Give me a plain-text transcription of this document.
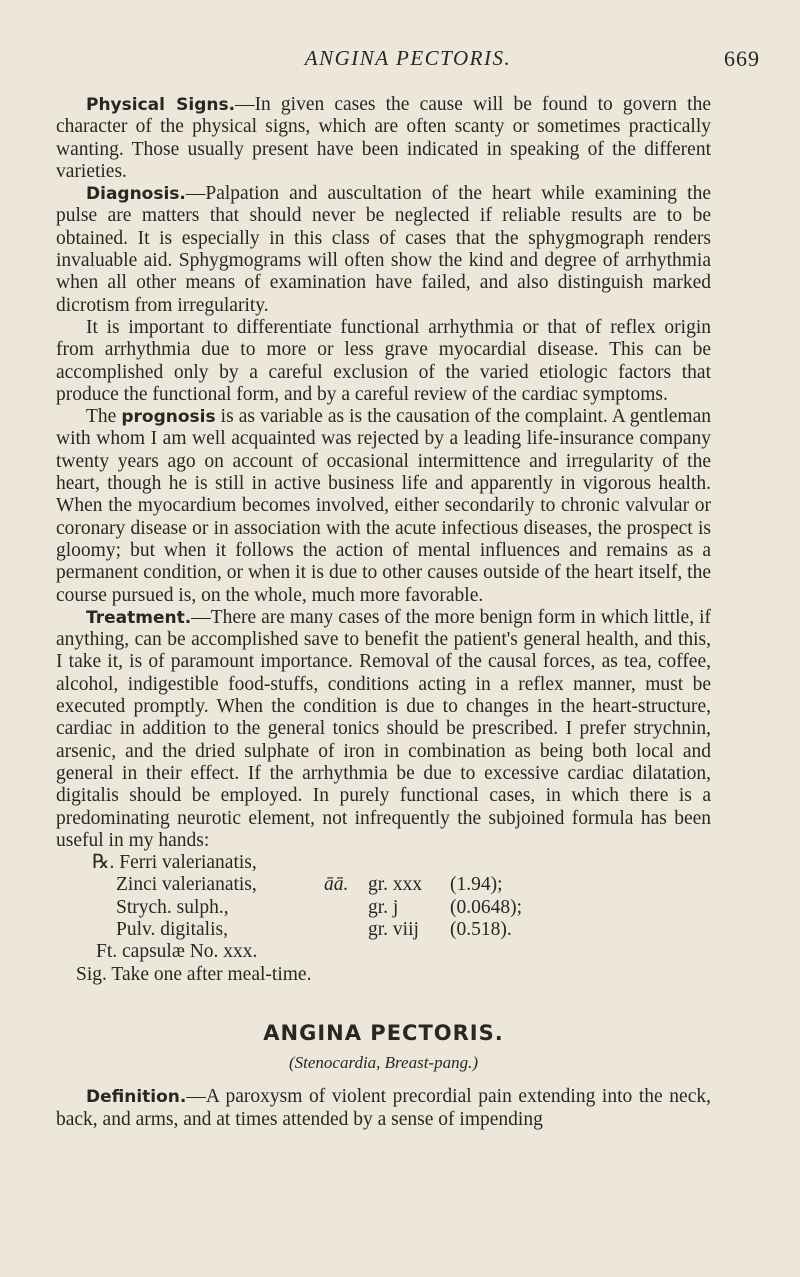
ANGINA PECTORIS.	669

Physical Signs.—In given cases the cause will be found to govern the character of the physical signs, which are often scanty or sometimes practically wanting. Those usually present have been indicated in speaking of the different varieties.

Diagnosis.—Palpation and auscultation of the heart while examining the pulse are matters that should never be neglected if reliable results are to be obtained. It is especially in this class of cases that the sphygmograph renders invaluable aid. Sphygmograms will often show the kind and degree of arrhythmia when all other means of examination have failed, and also distinguish marked dicrotism from irregularity.

It is important to differentiate functional arrhythmia or that of reflex origin from arrhythmia due to more or less grave myocardial disease. This can be accomplished only by a careful exclusion of the varied etiologic factors that produce the functional form, and by a careful review of the cardiac symptoms.

The prognosis is as variable as is the causation of the complaint. A gentleman with whom I am well acquainted was rejected by a leading life-insurance company twenty years ago on account of occasional intermittence and irregularity of the heart, though he is still in active business life and apparently in vigorous health. When the myocardium becomes involved, either secondarily to chronic valvular or coronary disease or in association with the acute infectious diseases, the prospect is gloomy; but when it follows the action of mental influences and remains as a permanent condition, or when it is due to other causes outside of the heart itself, the course pursued is, on the whole, much more favorable.

Treatment.—There are many cases of the more benign form in which little, if anything, can be accomplished save to benefit the patient's general health, and this, I take it, is of paramount importance. Removal of the causal forces, as tea, coffee, alcohol, indigestible food-stuffs, conditions acting in a reflex manner, must be executed promptly. When the condition is due to changes in the heart-structure, cardiac in addition to the general tonics should be prescribed. I prefer strychnin, arsenic, and the dried sulphate of iron in combination as being both local and general in their effect. If the arrhythmia be due to excessive cardiac dilatation, digitalis should be employed. In purely functional cases, in which there is a predominating neurotic element, not infrequently the subjoined formula has been useful in my hands:

℞. Ferri valerianatis,
Zinci valerianatis,	āā.	gr. xxx	(1.94);
Strych. sulph.,	gr. j	(0.0648);
Pulv. digitalis,	gr. viij	(0.518).
Ft. capsulæ No. xxx.
Sig. Take one after meal-time.
ANGINA PECTORIS.
(Stenocardia, Breast-pang.)

Definition.—A paroxysm of violent precordial pain extending into the neck, back, and arms, and at times attended by a sense of impending
